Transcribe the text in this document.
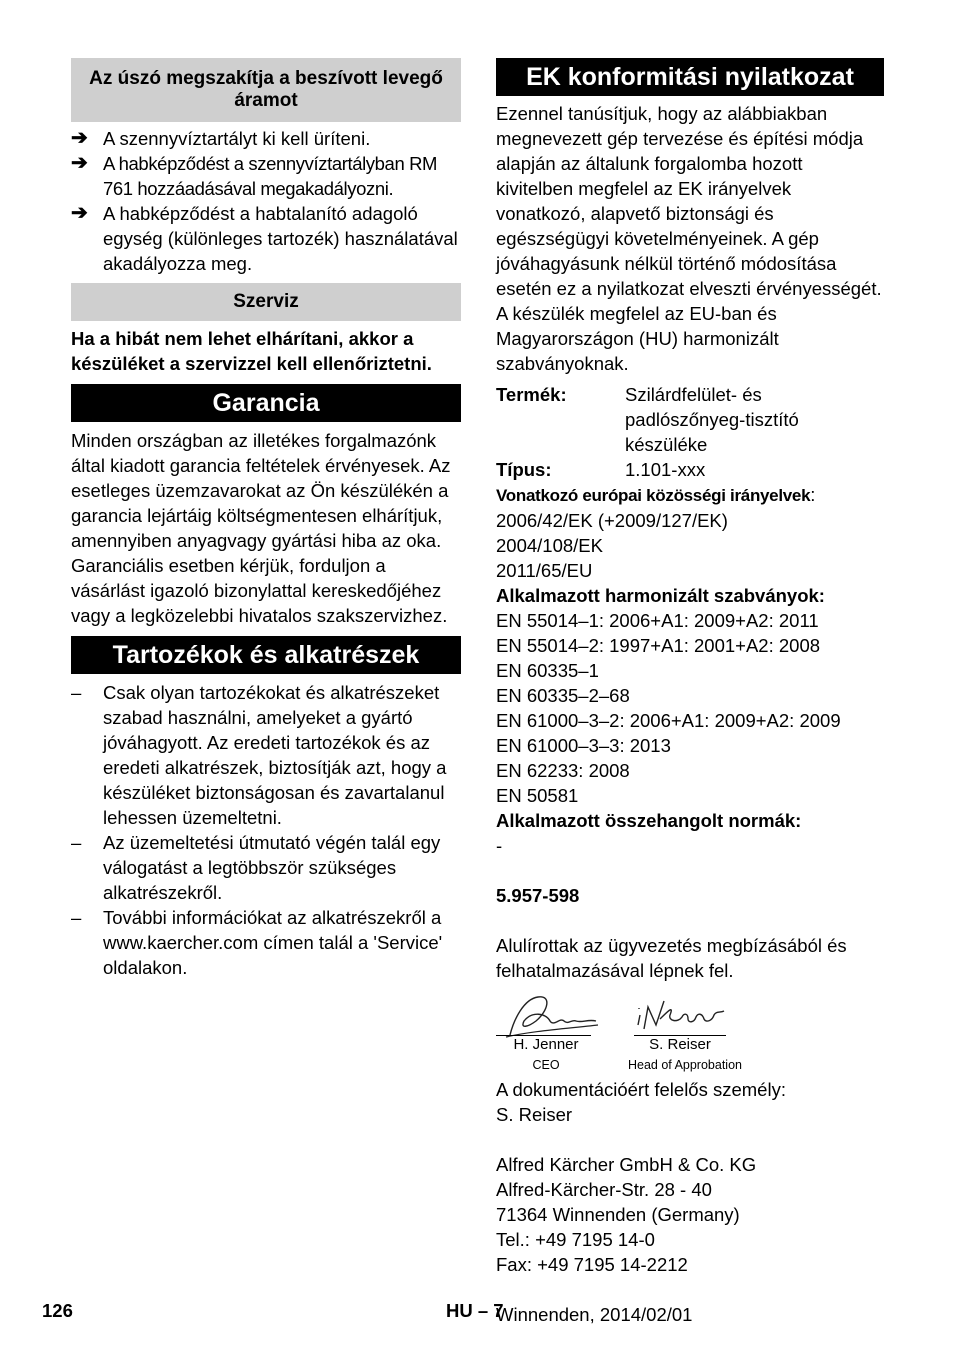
Az úszó megszakítja a beszívott levegő áramot
➔ A szennyvíztartályt ki kell üríteni.
➔ A habképződést a szennyvíztartályban RM 761 hozzáadásával megakadályozni.
➔ A habképződést a habtalanító adagoló egység (különleges tartozék) használatával akadályozza meg.
Szerviz
Ha a hibát nem lehet elhárítani, akkor a készüléket a szervizzel kell ellenőriztetni.
Garancia
Minden országban az illetékes forgalmazónk által kiadott garancia feltételek érvényesek. Az esetleges üzemzavarokat az Ön készülékén a garancia lejártáig költségmentesen elhárítjuk, amennyiben anyagvagy gyártási hiba az oka. Garanciális esetben kérjük, forduljon a vásárlást igazoló bizonylattal kereskedőjéhez vagy a legközelebbi hivatalos szakszervizhez.
Tartozékok és alkatrészek
–	Csak olyan tartozékokat és alkatrészeket szabad használni, amelyeket a gyártó jóváhagyott. Az eredeti tartozékok és az eredeti alkatrészek, biztosítják azt, hogy a készüléket biztonságosan és zavartalanul lehessen üzemeltetni.
–	Az üzemeltetési útmutató végén talál egy válogatást a legtöbbször szükséges alkatrészekről.
–	További információkat az alkatrészekről a www.kaercher.com címen talál a 'Service' oldalakon.
EK konformitási nyilatkozat
Ezennel tanúsítjuk, hogy az alábbiakban megnevezett gép tervezése és építési módja alapján az általunk forgalomba hozott kivitelben megfelel az EK irányelvek vonatkozó, alapvető biztonsági és egészségügyi követelményeinek. A gép jóváhagyásunk nélkül történő módosítása esetén ez a nyilatkozat elveszti érvényességét. A készülék megfelel az EU-ban és Magyarországon (HU) harmonizált szabványoknak.
Termék:	Szilárdfelület- és padlószőnyeg-tisztító készüléke
Típus:	1.101-xxx
Vonatkozó európai közösségi irányelvek:
2006/42/EK (+2009/127/EK)
2004/108/EK
2011/65/EU
Alkalmazott harmonizált szabványok:
EN 55014–1: 2006+A1: 2009+A2: 2011
EN 55014–2: 1997+A1: 2001+A2: 2008
EN 60335–1
EN 60335–2–68
EN 61000–3–2: 2006+A1: 2009+A2: 2009
EN 61000–3–3: 2013
EN 62233: 2008
EN 50581
Alkalmazott összehangolt normák:
-
5.957-598
Alulírottak az ügyvezetés megbízásából és felhatalmazásával lépnek fel.
H. Jenner
CEO
S. Reiser
Head of Approbation
A dokumentációért felelős személy:
S. Reiser
Alfred Kärcher GmbH & Co. KG
Alfred-Kärcher-Str. 28 - 40
71364 Winnenden (Germany)
Tel.: +49 7195 14-0
Fax: +49 7195 14-2212
Winnenden, 2014/02/01
126	HU – 7
